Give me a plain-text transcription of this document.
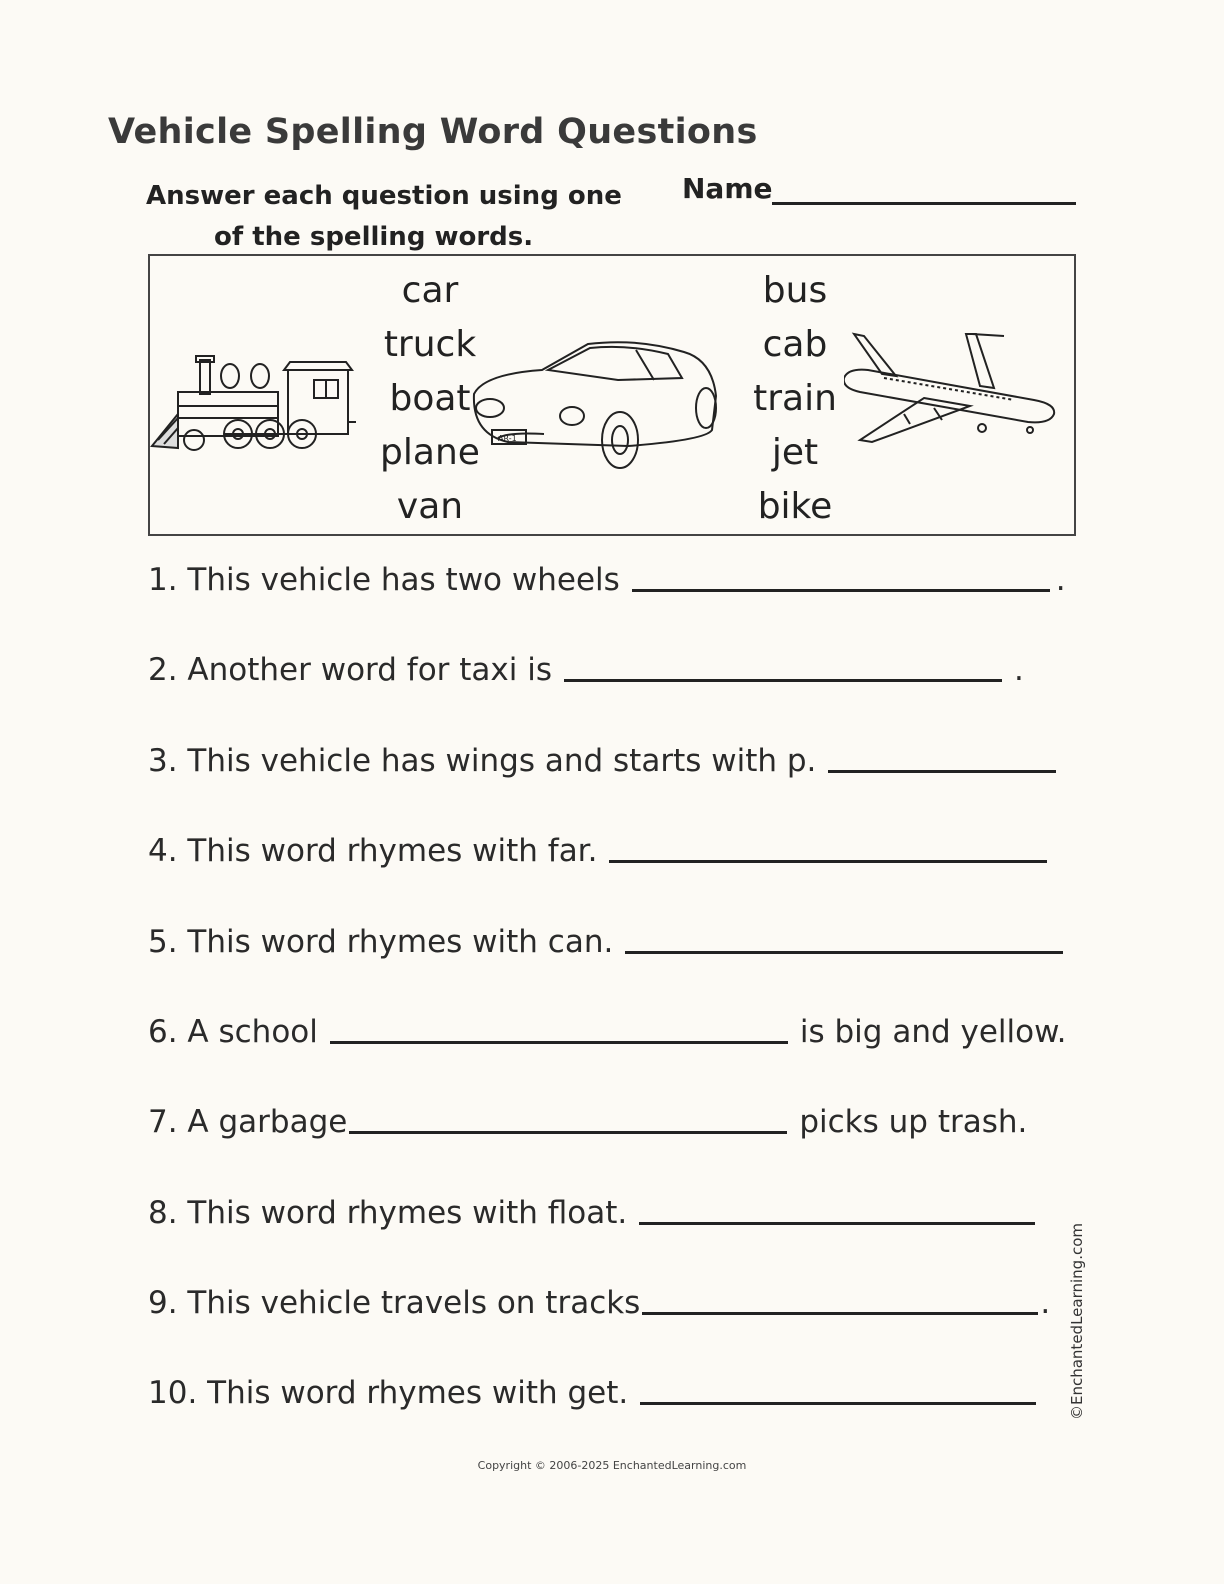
Vehicle Spelling Word Questions
Answer each question using one
of the spelling words.
Name
AR-1
car
truck
boat
plane
van
bus
cab
train
jet
bike
1. This vehicle has two wheels	.
2. Another word for taxi is	.
3. This vehicle has wings and starts with p.
4. This word rhymes with far.
5. This word rhymes with can.
6. A school	is big and yellow.
7. A garbage	picks up trash.
8. This word rhymes with float.
9. This vehicle travels on tracks	.
10. This word rhymes with get.	©EnchantedLearning.com
Copyright © 2006-2025 EnchantedLearning.com
